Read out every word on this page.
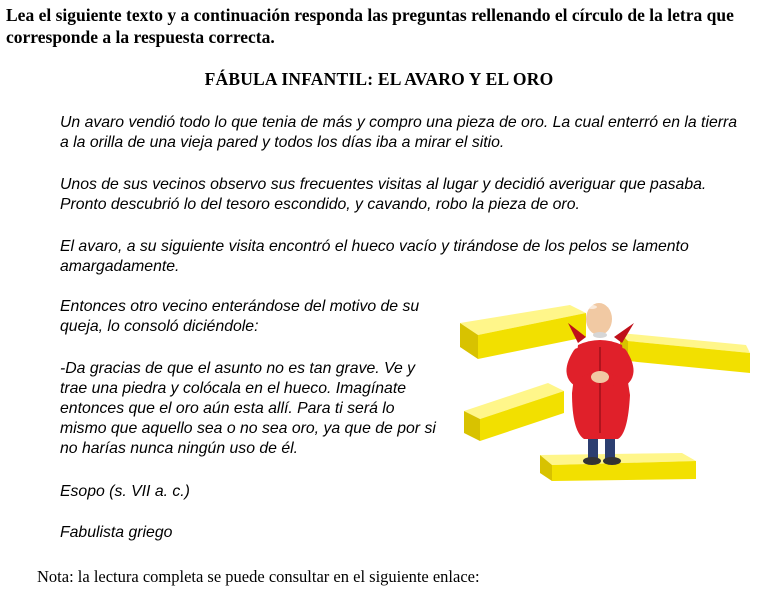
Lea el siguiente texto y a continuación responda las preguntas rellenando el círculo de la letra que corresponde a la respuesta correcta.
FÁBULA INFANTIL: EL AVARO Y EL ORO
Un avaro vendió todo lo que tenia de más y compro una pieza de oro. La cual enterró en la tierra a la orilla de una vieja pared y todos los días iba a mirar el sitio.
Unos de sus vecinos observo sus frecuentes visitas al lugar y decidió averiguar que pasaba. Pronto descubrió lo del tesoro escondido, y cavando, robo la pieza de oro.
El avaro, a su siguiente visita encontró el hueco vacío y tirándose de los pelos se lamento amargadamente.
Entonces otro vecino enterándose del motivo de su queja, lo consoló diciéndole:
-Da gracias de que el asunto no es tan grave. Ve y trae una piedra y colócala en el hueco. Imagínate entonces que el oro aún esta allí. Para ti será lo mismo que aquello sea o no sea oro, ya que de por si no harías nunca ningún uso de él.
Esopo (s. VII a. c.)
Fabulista griego
Nota: la lectura completa se puede consultar en el siguiente enlace:
